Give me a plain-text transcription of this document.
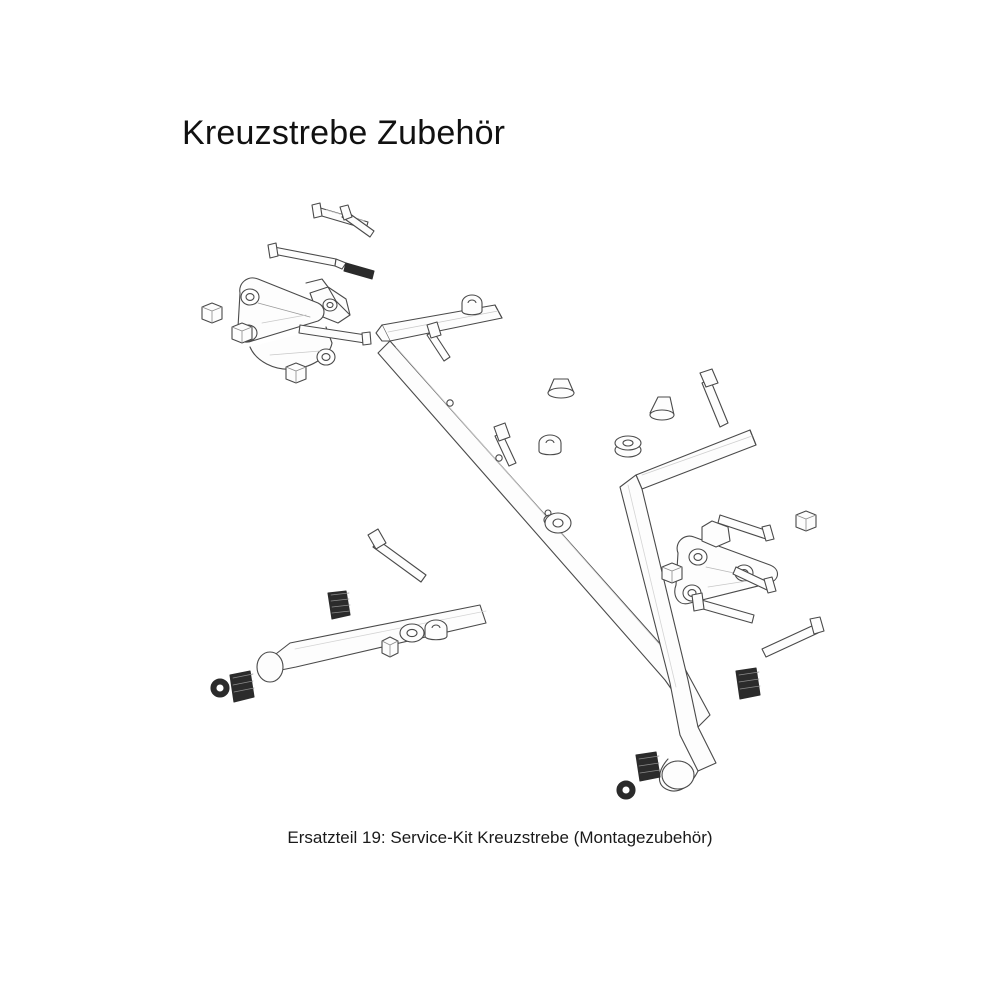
Kreuzstrebe Zubehör
Ersatzteil 19: Service-Kit Kreuzstrebe (Montagezubehör)
